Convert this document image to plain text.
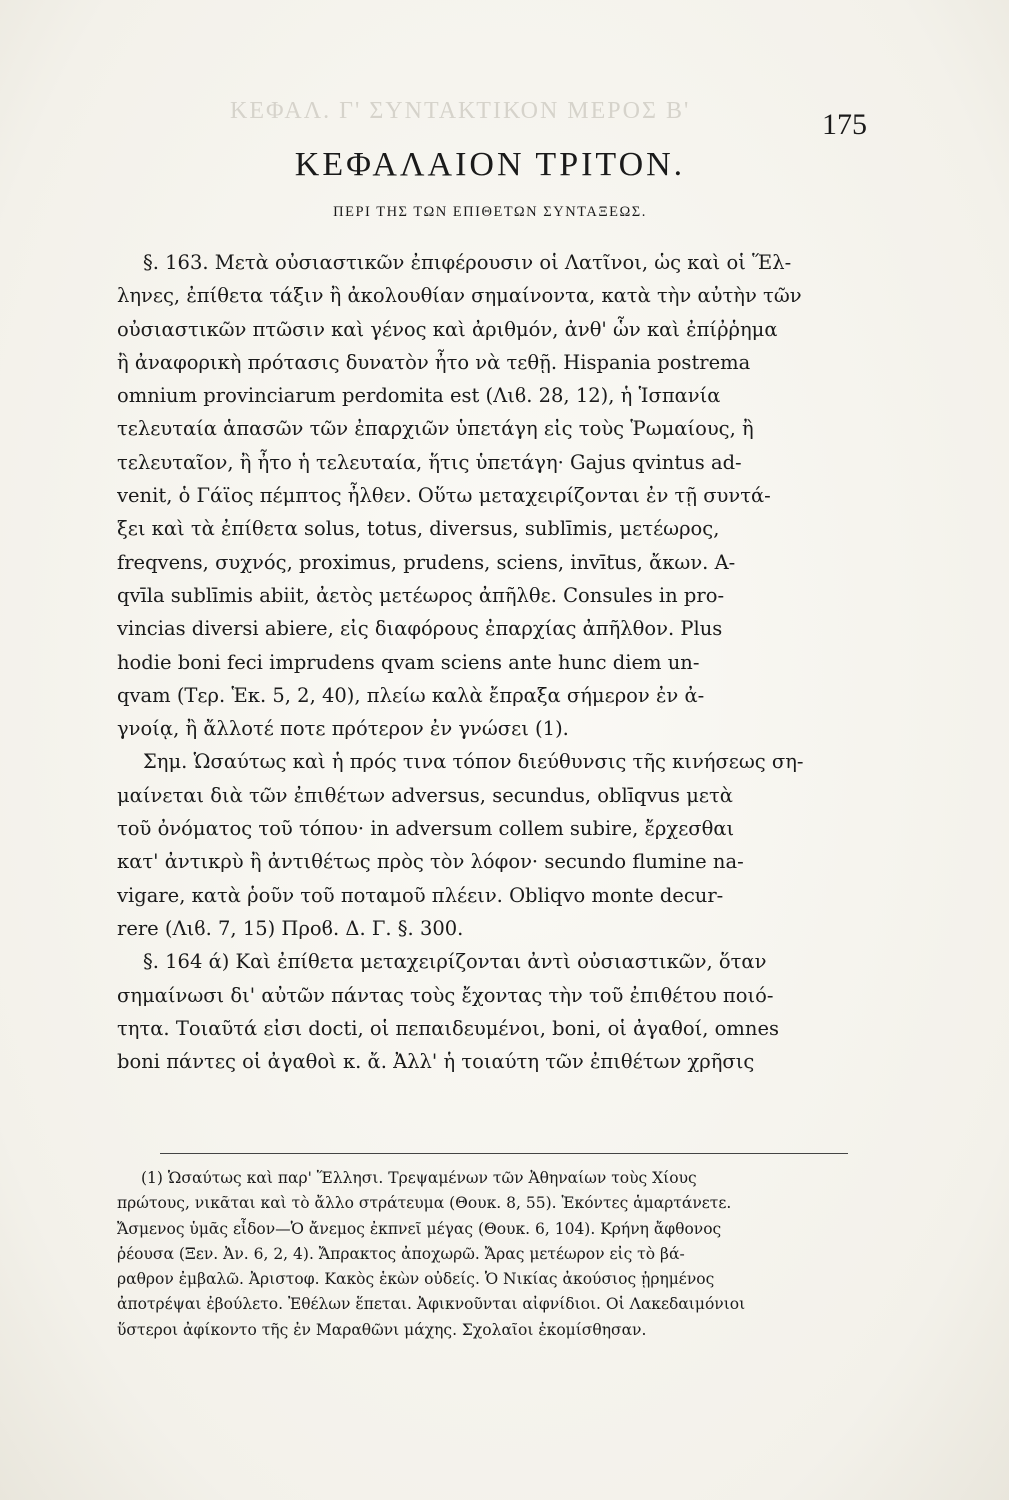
ΚΕΦΑΛ. Γ' ΣΥΝΤΑΚΤΙΚΟΝ ΜΕΡΟΣ Β'	175
ΚΕΦΑΛΑΙΟΝ ΤΡΙΤΟΝ.
ΠΕΡΙ ΤΗΣ ΤΩΝ ΕΠΙΘΕΤΩΝ ΣΥΝΤΑΞΕΩΣ.
§. 163. Μετὰ οὐσιαστικῶν ἐπιφέρουσιν οἱ Λατῖνοι, ὡς καὶ οἱ Ἕλ-
ληνες, ἐπίθετα τάξιν ἢ ἀκολουθίαν σημαίνοντα, κατὰ τὴν αὐτὴν τῶν
οὐσιαστικῶν πτῶσιν καὶ γένος καὶ ἀριθμόν, ἀνθ' ὧν καὶ ἐπίῤῥημα
ἢ ἀναφορικὴ πρότασις δυνατὸν ἦτο νὰ τεθῇ. Hispania postrema
omnium provinciarum perdomita est (Λιϐ. 28, 12), ἡ Ἱσπανία
τελευταία ἁπασῶν τῶν ἐπαρχιῶν ὑπετάγη εἰς τοὺς Ῥωμαίους, ἢ
τελευταῖον, ἢ ἦτο ἡ τελευταία, ἥτις ὑπετάγη· Gajus qvintus ad-
venit, ὁ Γάϊος πέμπτος ἦλθεν. Οὕτω μεταχειρίζονται ἐν τῇ συντά-
ξει καὶ τὰ ἐπίθετα solus, totus, diversus, sublīmis, μετέωρος,
freqvens, συχνός, proximus, prudens, sciens, invītus, ἄκων. A-
qvīla sublīmis abiit, ἀετὸς μετέωρος ἀπῆλθε. Consules in pro-
vincias diversi abiere, εἰς διαφόρους ἐπαρχίας ἀπῆλθον. Plus
hodie boni feci imprudens qvam sciens ante hunc diem un-
qvam (Τερ. Ἑκ. 5, 2, 40), πλείω καλὰ ἔπραξα σήμερον ἐν ἀ-
γνοίᾳ, ἢ ἄλλοτέ ποτε πρότερον ἐν γνώσει (1).
Σημ. Ὡσαύτως καὶ ἡ πρός τινα τόπον διεύθυνσις τῆς κινήσεως ση-
μαίνεται διὰ τῶν ἐπιθέτων adversus, secundus, oblīqvus μετὰ
τοῦ ὀνόματος τοῦ τόπου· in adversum collem subire, ἔρχεσθαι
κατ' ἀντικρὺ ἢ ἀντιθέτως πρὸς τὸν λόφον· secundo flumine na-
vigare, κατὰ ῥοῦν τοῦ ποταμοῦ πλέειν. Obliqvo monte decur-
rere (Λιϐ. 7, 15) Προϐ. Δ. Γ. §. 300.
§. 164 ά) Καὶ ἐπίθετα μεταχειρίζονται ἀντὶ οὐσιαστικῶν, ὅταν
σημαίνωσι δι' αὐτῶν πάντας τοὺς ἔχοντας τὴν τοῦ ἐπιθέτου ποιό-
τητα. Τοιαῦτά εἰσι docti, οἱ πεπαιδευμένοι, boni, οἱ ἀγαθοί, omnes
boni πάντες οἱ ἀγαθοὶ κ. ἄ. Ἀλλ' ἡ τοιαύτη τῶν ἐπιθέτων χρῆσις
(1) Ὡσαύτως καὶ παρ' Ἕλλησι. Τρεψαμένων τῶν Ἀθηναίων τοὺς Χίους
πρώτους, νικᾶται καὶ τὸ ἄλλο στράτευμα (Θουκ. 8, 55). Ἑκόντες ἁμαρτάνετε.
Ἄσμενος ὑμᾶς εἶδον—Ὁ ἄνεμος ἐκπνεῖ μέγας (Θουκ. 6, 104). Κρήνη ἄφθονος
ῥέουσα (Ξεν. Ἀν. 6, 2, 4). Ἄπρακτος ἀποχωρῶ. Ἄρας μετέωρον εἰς τὸ βά-
ραθρον ἐμβαλῶ. Ἀριστοφ. Κακὸς ἑκὼν οὐδείς. Ὁ Νικίας ἀκούσιος ᾑρημένος
ἀποτρέψαι ἐβούλετο. Ἐθέλων ἕπεται. Ἀφικνοῦνται αἰφνίδιοι. Οἱ Λακεδαιμόνιοι
ὕστεροι ἀφίκοντο τῆς ἐν Μαραθῶνι μάχης. Σχολαῖοι ἐκομίσθησαν.
